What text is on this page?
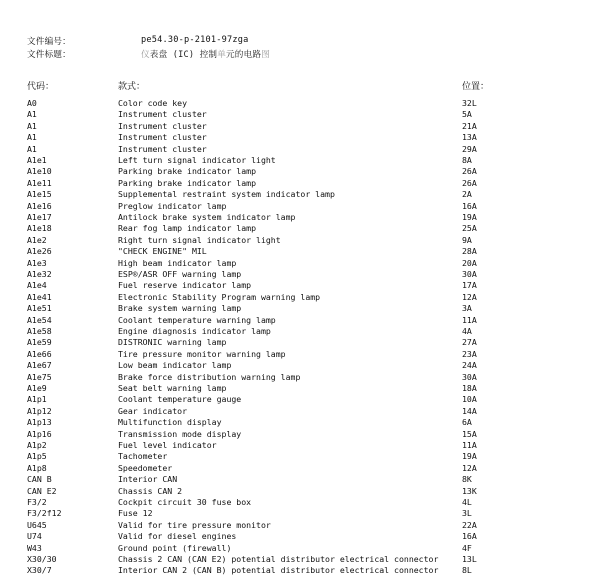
文件编号：	pe54.30-p-2101-97zga
文件标题：	仪表盘 (IC) 控制单元的电路图
代码：	款式：	位置：
A0	Color code key	32L
A1	Instrument cluster	5A
A1	Instrument cluster	21A
A1	Instrument cluster	13A
A1	Instrument cluster	29A
A1e1	Left turn signal indicator light	8A
A1e10	Parking brake indicator lamp	26A
A1e11	Parking brake indicator lamp	26A
A1e15	Supplemental restraint system indicator lamp	2A
A1e16	Preglow indicator lamp	16A
A1e17	Antilock brake system indicator lamp	19A
A1e18	Rear fog lamp indicator lamp	25A
A1e2	Right turn signal indicator light	9A
A1e26	"CHECK ENGINE" MIL	28A
A1e3	High beam indicator lamp	20A
A1e32	ESP®/ASR OFF warning lamp	30A
A1e4	Fuel reserve indicator lamp	17A
A1e41	Electronic Stability Program warning lamp	12A
A1e51	Brake system warning lamp	3A
A1e54	Coolant temperature warning lamp	11A
A1e58	Engine diagnosis indicator lamp	4A
A1e59	DISTRONIC warning lamp	27A
A1e66	Tire pressure monitor warning lamp	23A
A1e67	Low beam indicator lamp	24A
A1e75	Brake force distribution warning lamp	30A
A1e9	Seat belt warning lamp	18A
A1p1	Coolant temperature gauge	10A
A1p12	Gear indicator	14A
A1p13	Multifunction display	6A
A1p16	Transmission mode display	15A
A1p2	Fuel level indicator	11A
A1p5	Tachometer	19A
A1p8	Speedometer	12A
CAN B	Interior CAN	8K
CAN E2	Chassis CAN 2	13K
F3/2	Cockpit circuit 30 fuse box	4L
F3/2f12	Fuse 12	3L
U645	Valid for tire pressure monitor	22A
U74	Valid for diesel engines	16A
W43	Ground point (firewall)	4F
X30/30	Chassis 2 CAN (CAN E2) potential distributor electrical connector	13L
X30/7	Interior CAN 2 (CAN B) potential distributor electrical connector	8L
